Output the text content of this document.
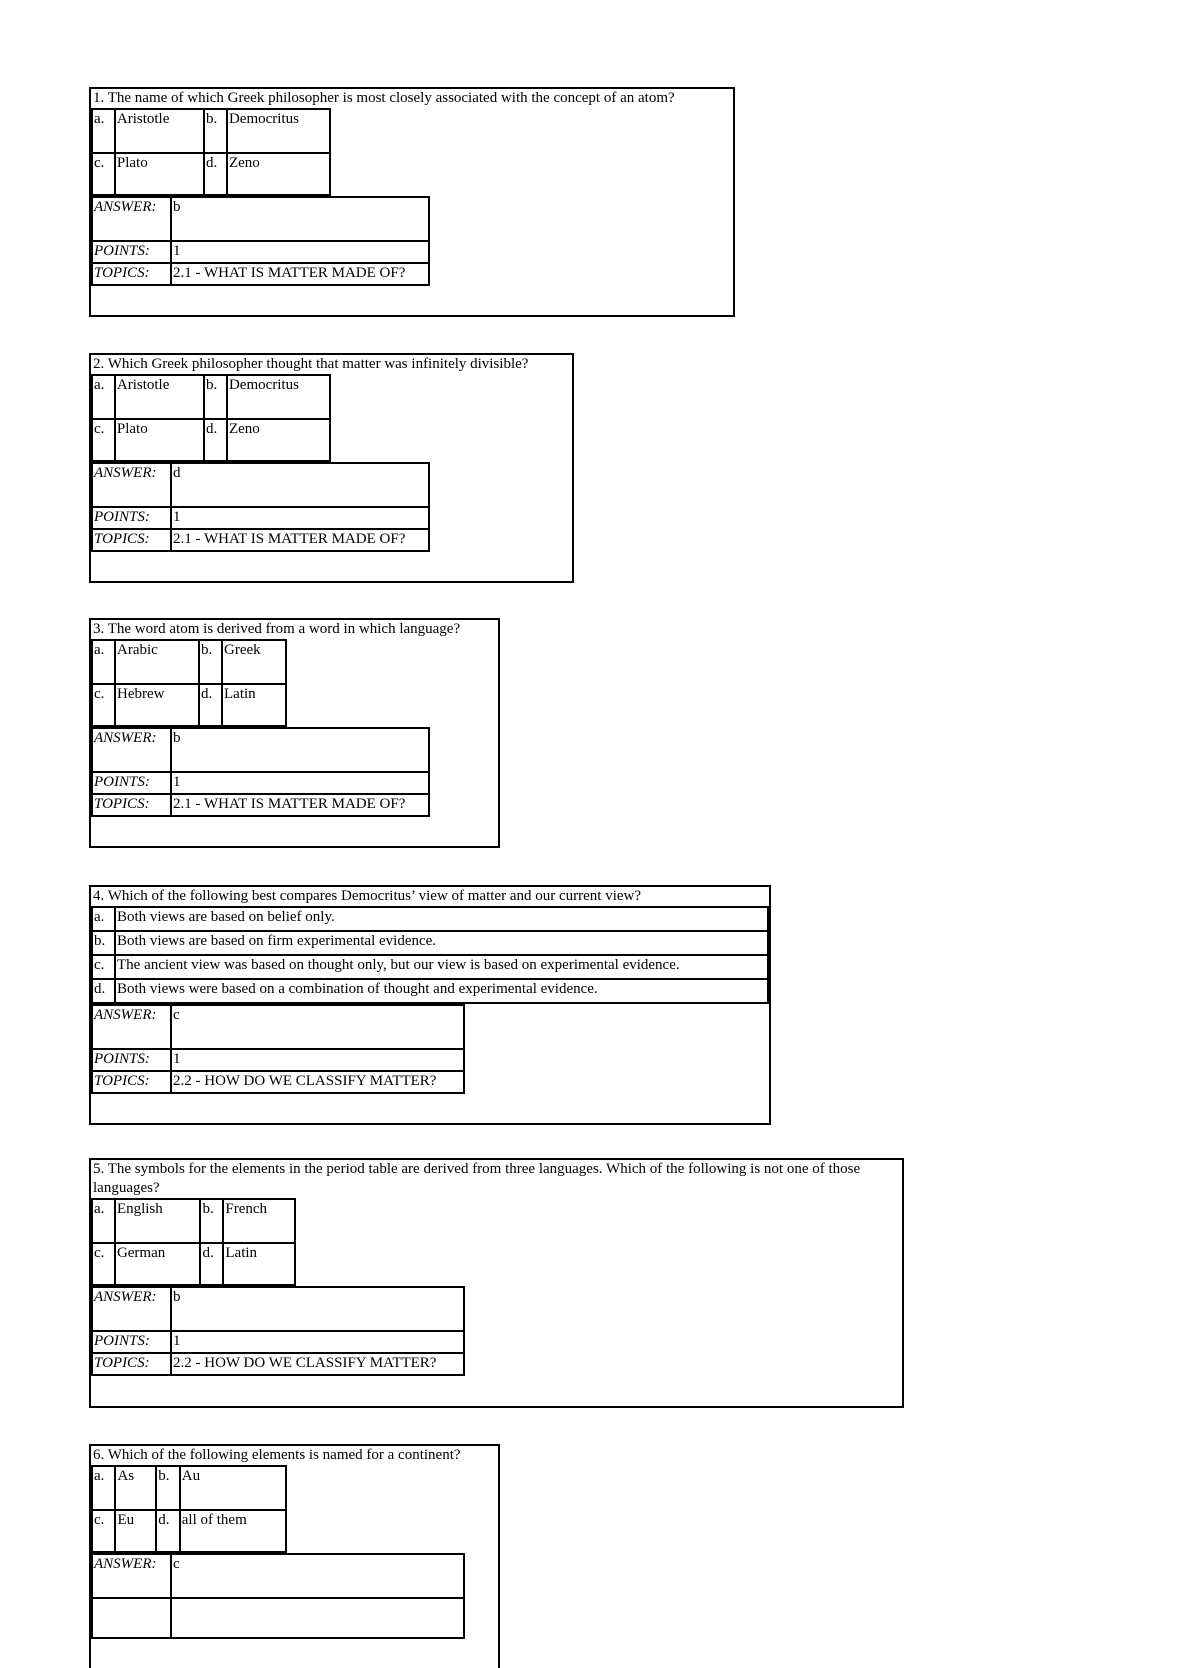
1. The name of which Greek philosopher is most closely associated with the concept of an atom?
a.	Aristotle	b.	Democritus
c.	Plato	d.	Zeno
ANSWER:	b
POINTS:	1
TOPICS:	2.1 - WHAT IS MATTER MADE OF?
2. Which Greek philosopher thought that matter was infinitely divisible?
a.	Aristotle	b.	Democritus
c.	Plato	d.	Zeno
ANSWER:	d
POINTS:	1
TOPICS:	2.1 - WHAT IS MATTER MADE OF?
3. The word atom is derived from a word in which language?
a.	Arabic	b.	Greek
c.	Hebrew	d.	Latin
ANSWER:	b
POINTS:	1
TOPICS:	2.1 - WHAT IS MATTER MADE OF?
4. Which of the following best compares Democritus’ view of matter and our current view?
a.	Both views are based on belief only.
b.	Both views are based on firm experimental evidence.
c.	The ancient view was based on thought only, but our view is based on experimental evidence.
d.	Both views were based on a combination of thought and experimental evidence.
ANSWER:	c
POINTS:	1
TOPICS:	2.2 - HOW DO WE CLASSIFY MATTER?
5. The symbols for the elements in the period table are derived from three languages. Which of the following is not one of those languages?
a.	English	b.	French
c.	German	d.	Latin
ANSWER:	b
POINTS:	1
TOPICS:	2.2 - HOW DO WE CLASSIFY MATTER?
6. Which of the following elements is named for a continent?
a.	As	b.	Au
c.	Eu	d.	all of them
ANSWER:	c
